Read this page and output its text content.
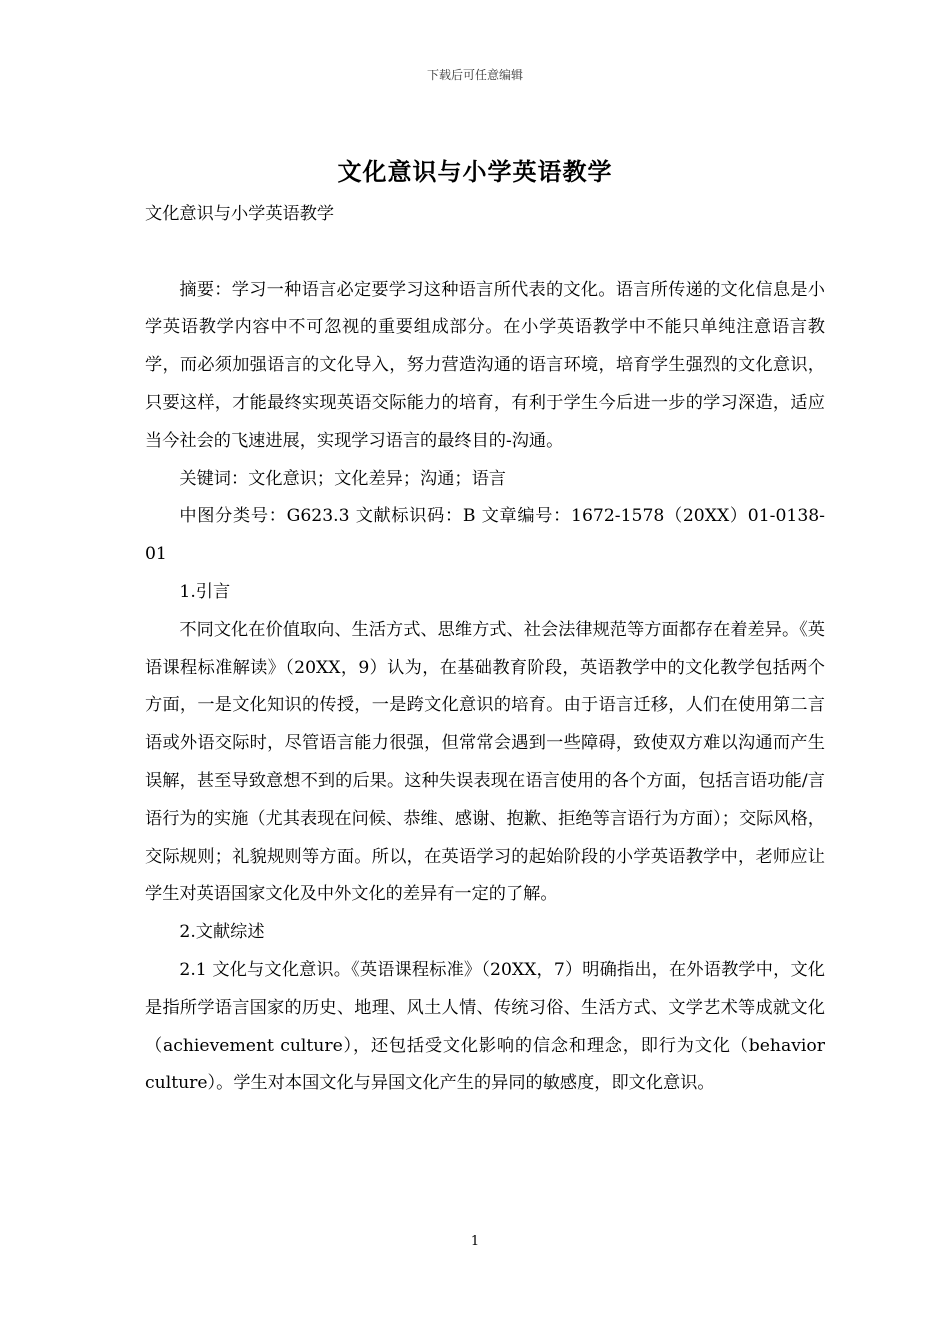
下载后可任意编辑
文化意识与小学英语教学

文化意识与小学英语教学

摘要：学习一种语言必定要学习这种语言所代表的文化。语言所传递的文化信息是小学英语教学内容中不可忽视的重要组成部分。在小学英语教学中不能只单纯注意语言教学，而必须加强语言的文化导入，努力营造沟通的语言环境，培育学生强烈的文化意识，只要这样，才能最终实现英语交际能力的培育，有利于学生今后进一步的学习深造，适应当今社会的飞速进展，实现学习语言的最终目的-沟通。

关键词：文化意识；文化差异；沟通；语言

中图分类号：G623.3 文献标识码：B 文章编号：1672-1578（20XX）01-0138-01

1.引言

不同文化在价值取向、生活方式、思维方式、社会法律规范等方面都存在着差异。《英语课程标准解读》（20XX，9）认为，在基础教育阶段，英语教学中的文化教学包括两个方面，一是文化知识的传授，一是跨文化意识的培育。由于语言迁移，人们在使用第二言语或外语交际时，尽管语言能力很强，但常常会遇到一些障碍，致使双方难以沟通而产生误解，甚至导致意想不到的后果。这种失误表现在语言使用的各个方面，包括言语功能/言语行为的实施（尤其表现在问候、恭维、感谢、抱歉、拒绝等言语行为方面）；交际风格，交际规则；礼貌规则等方面。所以，在英语学习的起始阶段的小学英语教学中，老师应让学生对英语国家文化及中外文化的差异有一定的了解。

2.文献综述

2.1 文化与文化意识。《英语课程标准》（20XX，7）明确指出，在外语教学中，文化是指所学语言国家的历史、地理、风土人情、传统习俗、生活方式、文学艺术等成就文化（achievement culture），还包括受文化影响的信念和理念，即行为文化（behavior culture）。学生对本国文化与异国文化产生的异同的敏感度，即文化意识。

1
